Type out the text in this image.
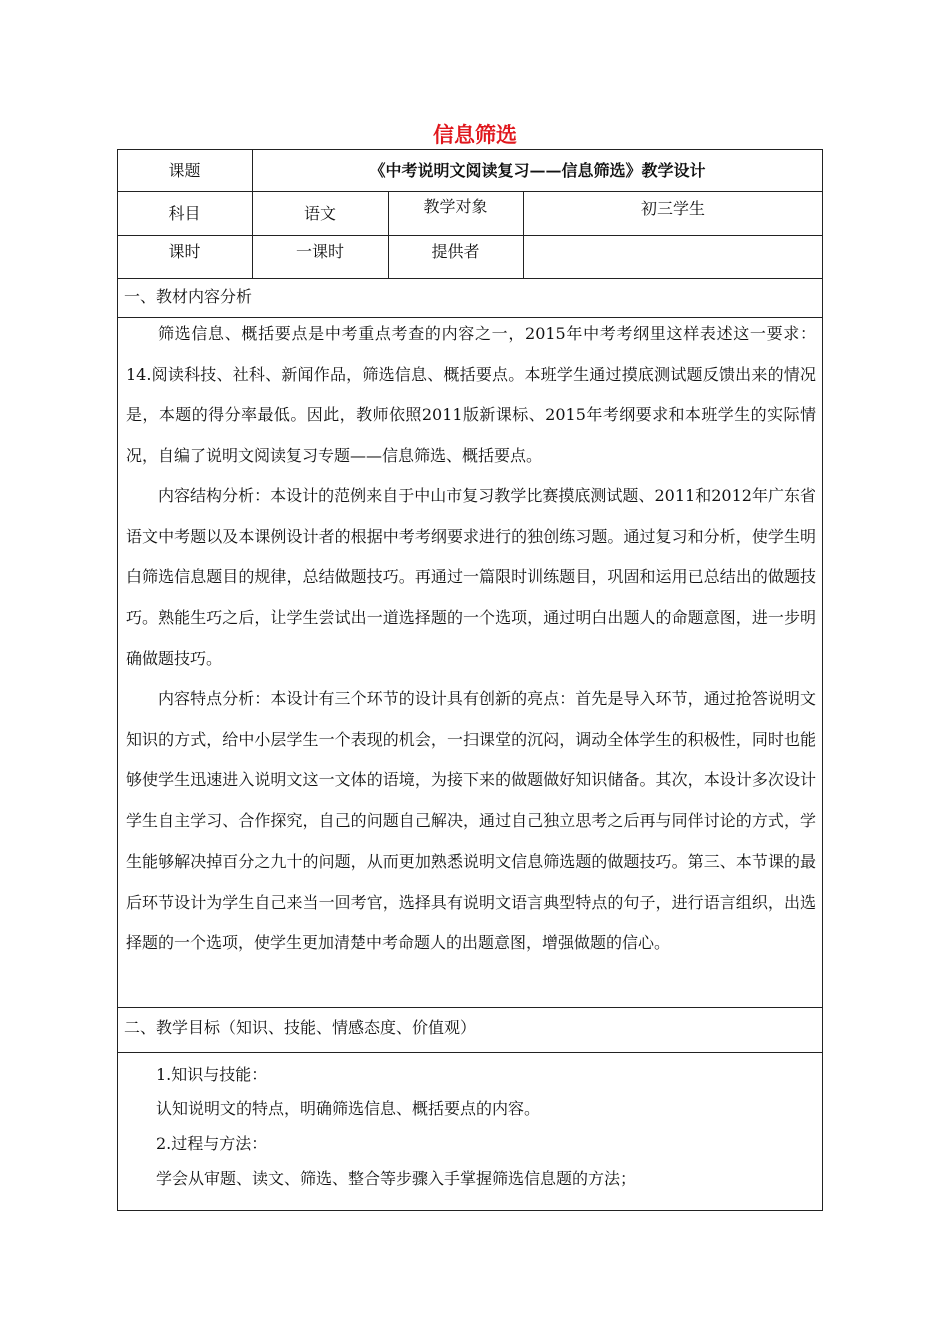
信息筛选
课题	《中考说明文阅读复习——信息筛选》教学设计
科目	语文	教学对象	初三学生
课时	一课时	提供者
一、教材内容分析

筛选信息、概括要点是中考重点考查的内容之一，2015年中考考纲里这样表述这一要求：14.阅读科技、社科、新闻作品，筛选信息、概括要点。本班学生通过摸底测试题反馈出来的情况是，本题的得分率最低。因此，教师依照2011版新课标、2015年考纲要求和本班学生的实际情况，自编了说明文阅读复习专题——信息筛选、概括要点。

内容结构分析：本设计的范例来自于中山市复习教学比赛摸底测试题、2011和2012年广东省语文中考题以及本课例设计者的根据中考考纲要求进行的独创练习题。通过复习和分析，使学生明白筛选信息题目的规律，总结做题技巧。再通过一篇限时训练题目，巩固和运用已总结出的做题技巧。熟能生巧之后，让学生尝试出一道选择题的一个选项，通过明白出题人的命题意图，进一步明确做题技巧。

内容特点分析：本设计有三个环节的设计具有创新的亮点：首先是导入环节，通过抢答说明文知识的方式，给中小层学生一个表现的机会，一扫课堂的沉闷，调动全体学生的积极性，同时也能够使学生迅速进入说明文这一文体的语境，为接下来的做题做好知识储备。其次，本设计多次设计学生自主学习、合作探究，自己的问题自己解决，通过自己独立思考之后再与同伴讨论的方式，学生能够解决掉百分之九十的问题，从而更加熟悉说明文信息筛选题的做题技巧。第三、本节课的最后环节设计为学生自己来当一回考官，选择具有说明文语言典型特点的句子，进行语言组织，出选择题的一个选项，使学生更加清楚中考命题人的出题意图，增强做题的信心。

二、教学目标（知识、技能、情感态度、价值观）
1.知识与技能：
认知说明文的特点，明确筛选信息、概括要点的内容。
2.过程与方法：
学会从审题、读文、筛选、整合等步骤入手掌握筛选信息题的方法；
